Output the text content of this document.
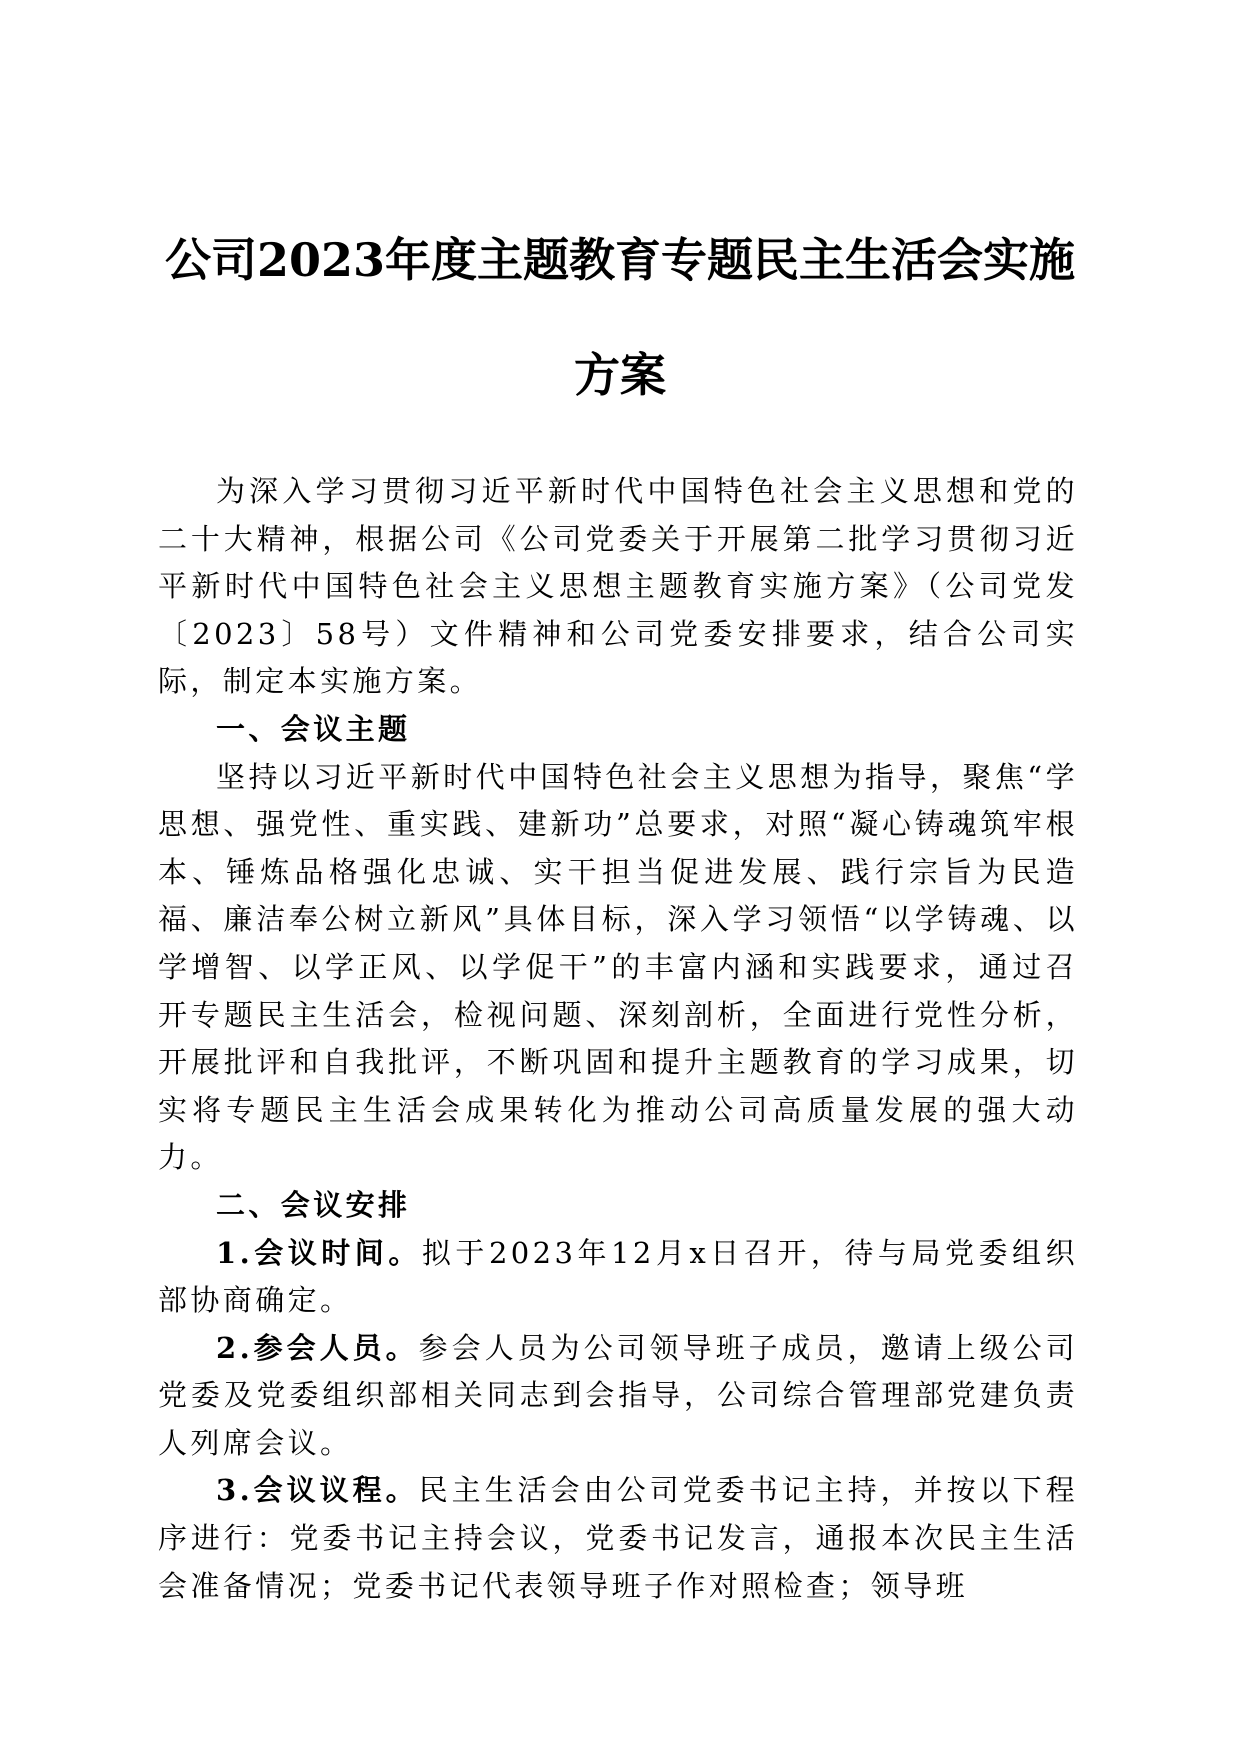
公司2023年度主题教育专题民主生活会实施
方案

为深入学习贯彻习近平新时代中国特色社会主义思想和党的二十大精神，根据公司《公司党委关于开展第二批学习贯彻习近平新时代中国特色社会主义思想主题教育实施方案》（公司党发〔2023〕58号）文件精神和公司党委安排要求，结合公司实际，制定本实施方案。

一、会议主题

坚持以习近平新时代中国特色社会主义思想为指导，聚焦“学思想、强党性、重实践、建新功”总要求，对照“凝心铸魂筑牢根本、锤炼品格强化忠诚、实干担当促进发展、践行宗旨为民造福、廉洁奉公树立新风”具体目标，深入学习领悟“以学铸魂、以学增智、以学正风、以学促干”的丰富内涵和实践要求，通过召开专题民主生活会，检视问题、深刻剖析，全面进行党性分析，开展批评和自我批评，不断巩固和提升主题教育的学习成果，切实将专题民主生活会成果转化为推动公司高质量发展的强大动力。

二、会议安排

1.会议时间。拟于2023年12月x日召开，待与局党委组织部协商确定。

2.参会人员。参会人员为公司领导班子成员，邀请上级公司党委及党委组织部相关同志到会指导，公司综合管理部党建负责人列席会议。

3.会议议程。民主生活会由公司党委书记主持，并按以下程序进行：党委书记主持会议，党委书记发言，通报本次民主生活会准备情况；党委书记代表领导班子作对照检查；领导班
